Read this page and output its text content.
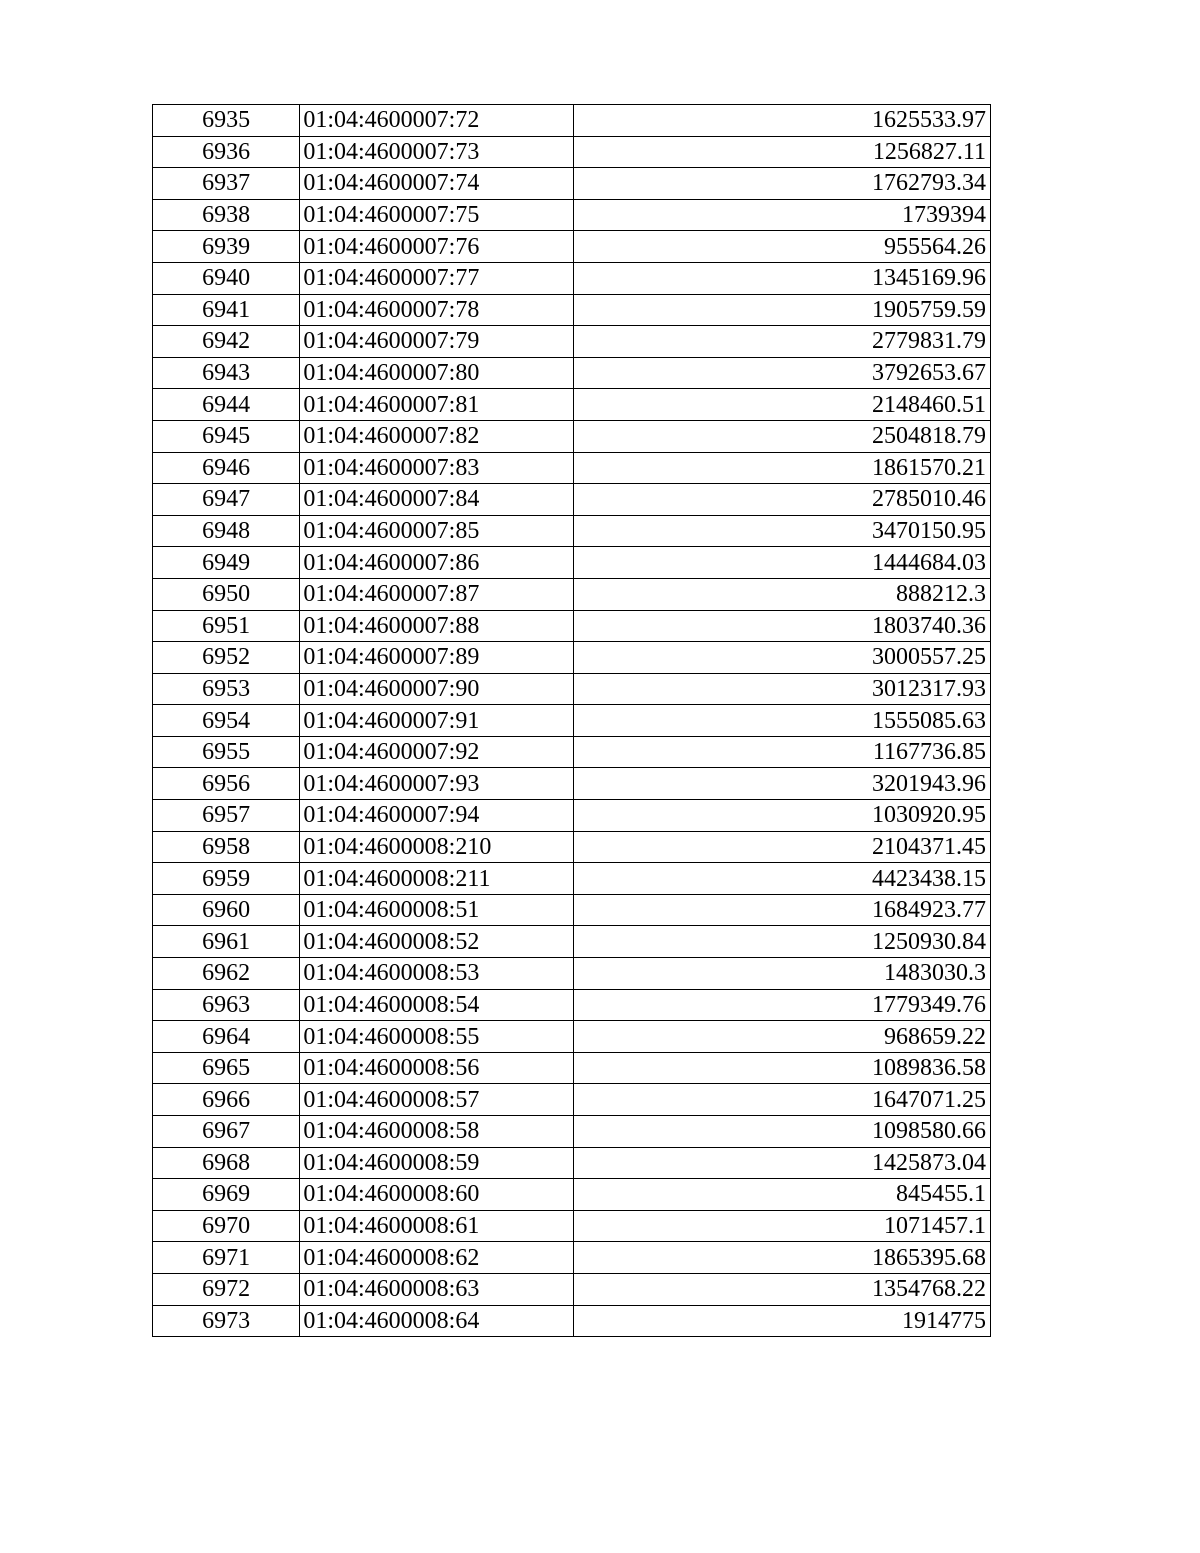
6935	01:04:4600007:72	1625533.97
6936	01:04:4600007:73	1256827.11
6937	01:04:4600007:74	1762793.34
6938	01:04:4600007:75	1739394
6939	01:04:4600007:76	955564.26
6940	01:04:4600007:77	1345169.96
6941	01:04:4600007:78	1905759.59
6942	01:04:4600007:79	2779831.79
6943	01:04:4600007:80	3792653.67
6944	01:04:4600007:81	2148460.51
6945	01:04:4600007:82	2504818.79
6946	01:04:4600007:83	1861570.21
6947	01:04:4600007:84	2785010.46
6948	01:04:4600007:85	3470150.95
6949	01:04:4600007:86	1444684.03
6950	01:04:4600007:87	888212.3
6951	01:04:4600007:88	1803740.36
6952	01:04:4600007:89	3000557.25
6953	01:04:4600007:90	3012317.93
6954	01:04:4600007:91	1555085.63
6955	01:04:4600007:92	1167736.85
6956	01:04:4600007:93	3201943.96
6957	01:04:4600007:94	1030920.95
6958	01:04:4600008:210	2104371.45
6959	01:04:4600008:211	4423438.15
6960	01:04:4600008:51	1684923.77
6961	01:04:4600008:52	1250930.84
6962	01:04:4600008:53	1483030.3
6963	01:04:4600008:54	1779349.76
6964	01:04:4600008:55	968659.22
6965	01:04:4600008:56	1089836.58
6966	01:04:4600008:57	1647071.25
6967	01:04:4600008:58	1098580.66
6968	01:04:4600008:59	1425873.04
6969	01:04:4600008:60	845455.1
6970	01:04:4600008:61	1071457.1
6971	01:04:4600008:62	1865395.68
6972	01:04:4600008:63	1354768.22
6973	01:04:4600008:64	1914775
